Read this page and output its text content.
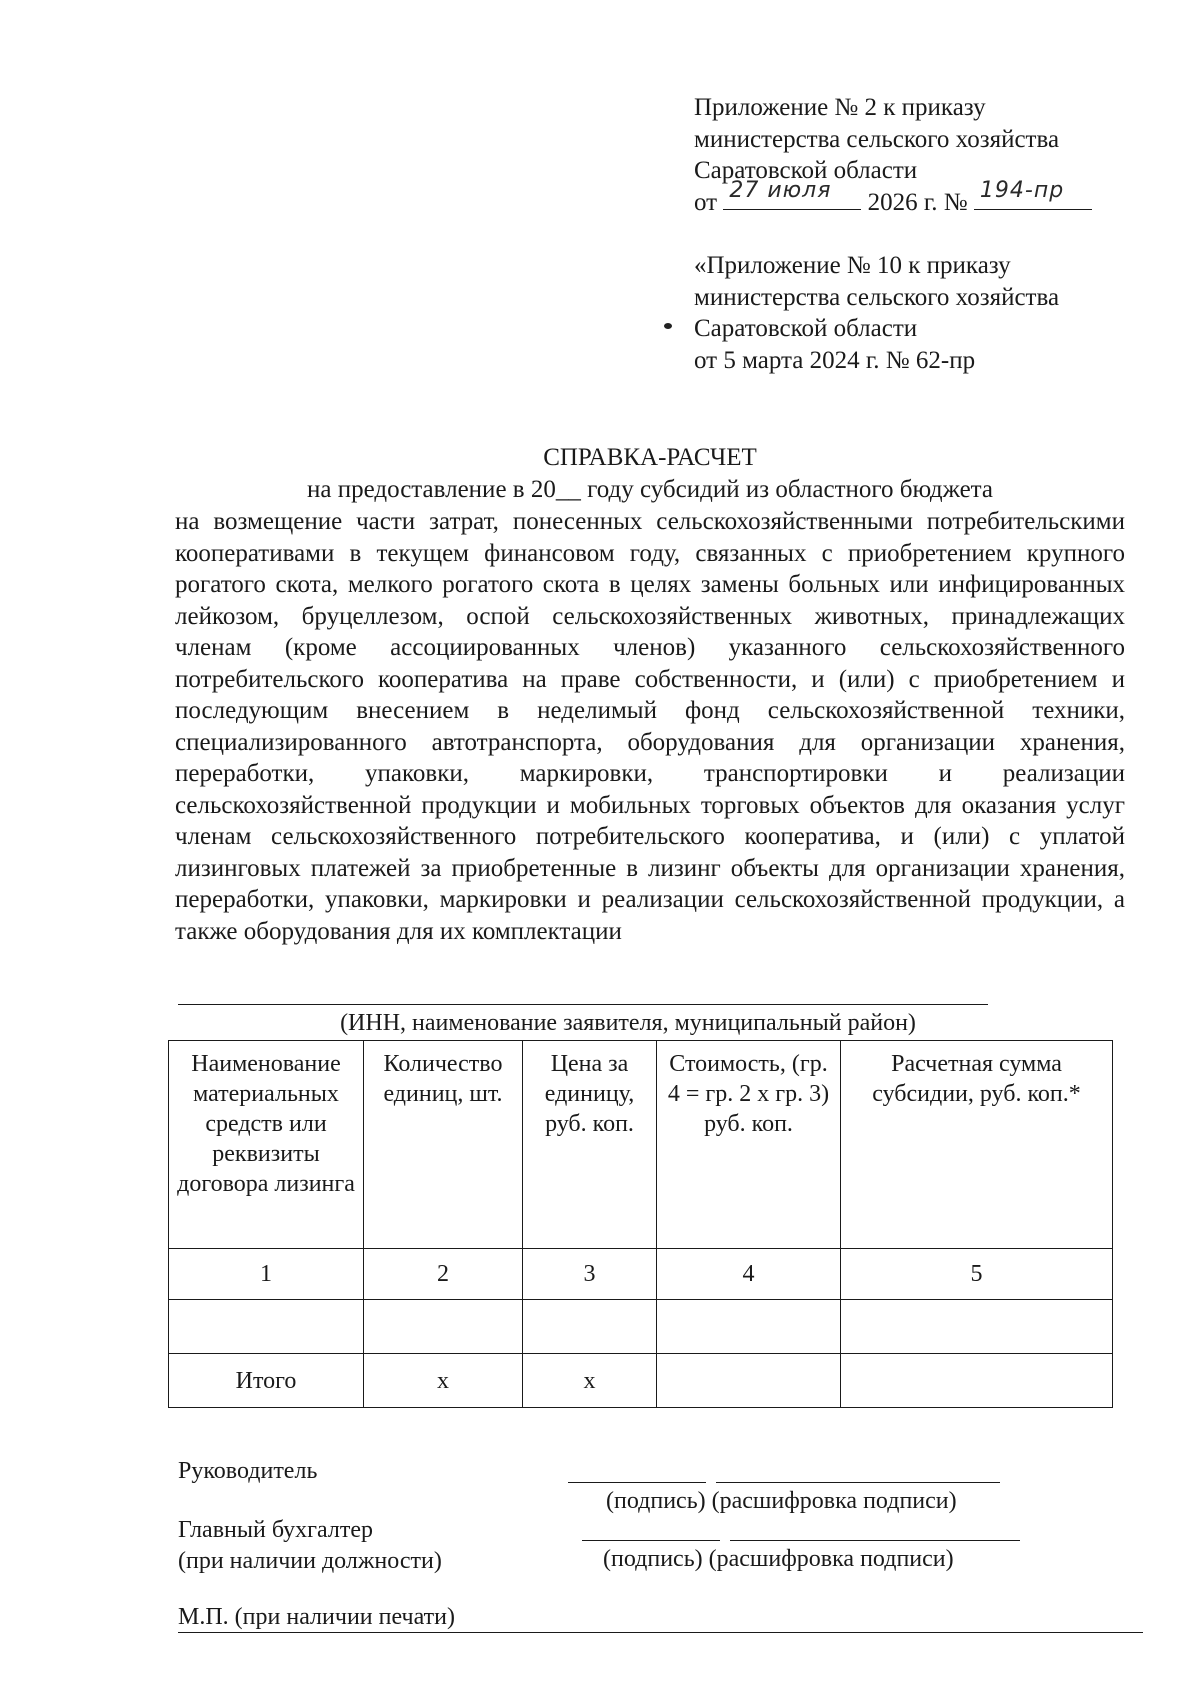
Приложение № 2 к приказу
министерства сельского хозяйства
Саратовской области
от 27 июля 2026 г. № 194-пр
«Приложение № 10 к приказу
министерства сельского хозяйства
Саратовской области
от 5 марта 2024 г. № 62-пр
СПРАВКА-РАСЧЕТ
на предоставление в 20__ году субсидий из областного бюджета
на возмещение части затрат, понесенных сельскохозяйственными потребительскими кооперативами в текущем финансовом году, связанных с приобретением крупного рогатого скота, мелкого рогатого скота в целях замены больных или инфицированных лейкозом, бруцеллезом, оспой сельскохозяйственных животных, принадлежащих членам (кроме ассоциированных членов) указанного сельскохозяйственного потребительского кооператива на праве собственности, и (или) с приобретением и последующим внесением в неделимый фонд сельскохозяйственной техники, специализированного автотранспорта, оборудования для организации хранения, переработки, упаковки, маркировки, транспортировки и реализации сельскохозяйственной продукции и мобильных торговых объектов для оказания услуг членам сельскохозяйственного потребительского кооператива, и (или) с уплатой лизинговых платежей за приобретенные в лизинг объекты для организации хранения, переработки, упаковки, маркировки и реализации сельскохозяйственной продукции, а также оборудования для их комплектации
(ИНН, наименование заявителя, муниципальный район)
Наименование материальных средств или реквизиты договора лизинга	Количество единиц, шт.	Цена за единицу, руб. коп.	Стоимость, (гр. 4 = гр. 2 х гр. 3) руб. коп.	Расчетная сумма субсидии, руб. коп.*
1	2	3	4	5

Итого	х	х		
Руководитель
(подпись) (расшифровка подписи)
Главный бухгалтер
(при наличии должности)	(подпись) (расшифровка подписи)
М.П. (при наличии печати)
